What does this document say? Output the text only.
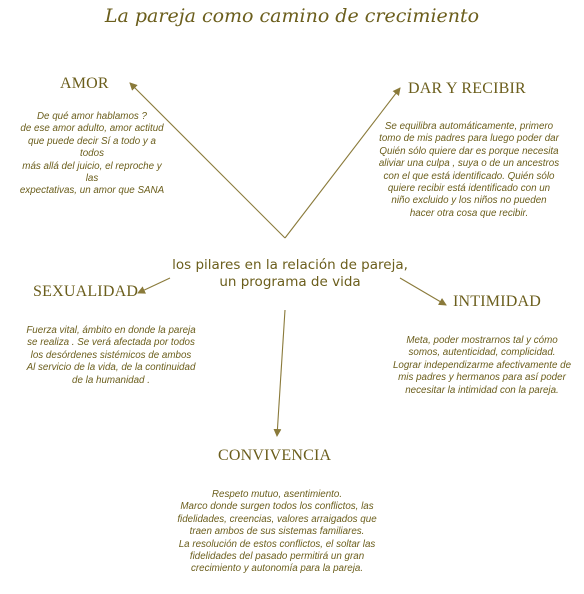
La pareja como camino de crecimiento
AMOR
De qué amor hablamos ?
de ese amor adulto, amor actitud
que puede decir Sí a todo y a
todos
más allá del juicio, el reproche y
las
expectativas, un amor que SANA
DAR Y RECIBIR
Se equilibra automáticamente, primero
tomo de mis padres para luego poder dar
Quién sólo quiere dar es porque necesita
aliviar una culpa , suya o de un ancestros
con el que está identificado. Quién sólo
quiere recibir está identificado con un
niño excluido y los niños no pueden
hacer otra cosa que recibir.
los pilares en la relación de pareja,
un programa de vida
SEXUALIDAD
Fuerza vital, ámbito en donde la pareja
se realiza . Se verá afectada por todos
los desórdenes sistémicos de ambos
Al servicio de la vida, de la continuidad
de la humanidad .
INTIMIDAD
Meta, poder mostrarnos tal y cómo
somos, autenticidad, complicidad.
Lograr independizarme afectivamente de
mis padres y hermanos para así poder
necesitar la intimidad con la pareja.
CONVIVENCIA
Respeto mutuo, asentimiento.
Marco donde surgen todos los conflictos, las
fidelidades, creencias, valores arraigados que
traen ambos de sus sistemas familiares.
La resolución de estos conflictos, el soltar las
fidelidades del pasado permitirá un gran
crecimiento y autonomía para la pareja.
